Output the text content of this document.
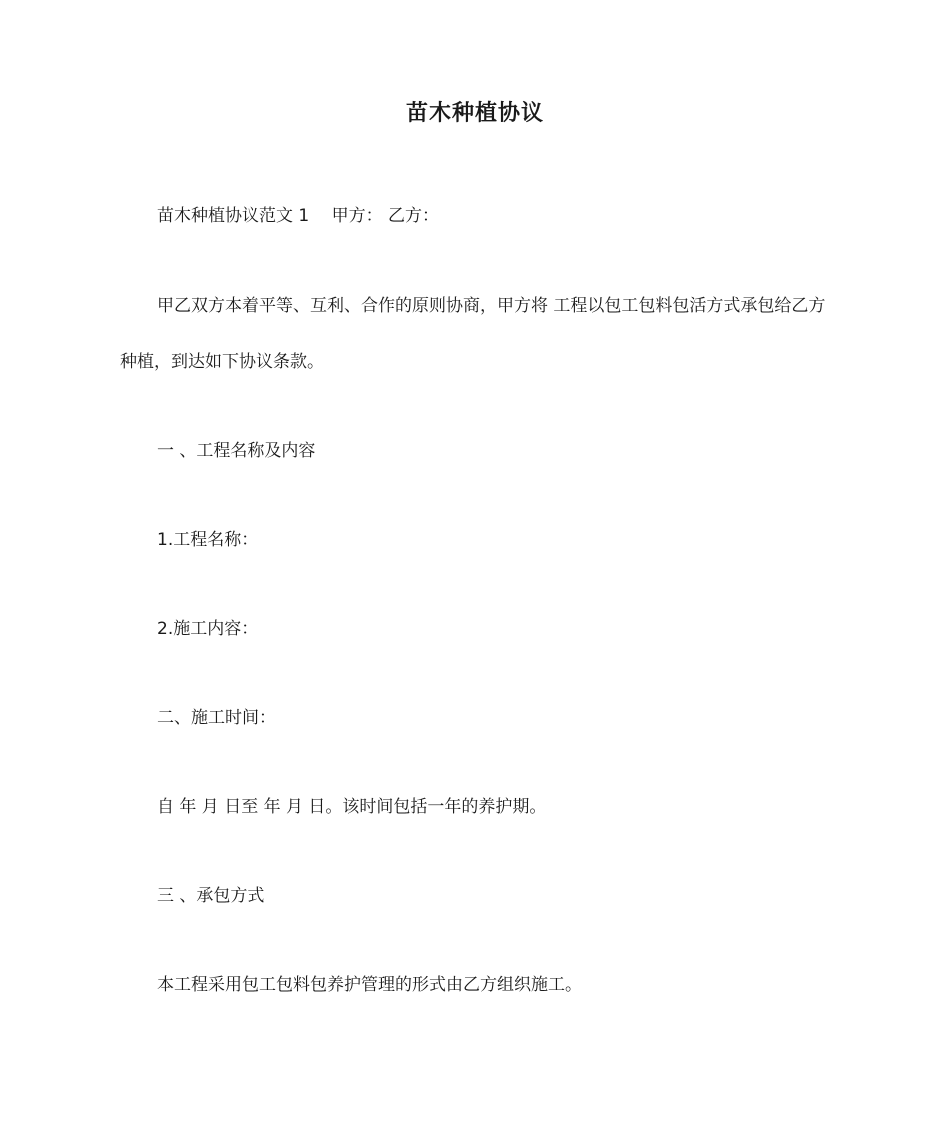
苗木种植协议

苗木种植协议范文 1　 甲方： 乙方：

甲乙双方本着平等、互利、合作的原则协商，甲方将 工程以包工包料包活方式承包给乙方种植，到达如下协议条款。

一 、工程名称及内容

1.工程名称：

2.施工内容：

二、施工时间：

自 年 月 日至 年 月 日。该时间包括一年的养护期。

三 、承包方式

本工程采用包工包料包养护管理的形式由乙方组织施工。
